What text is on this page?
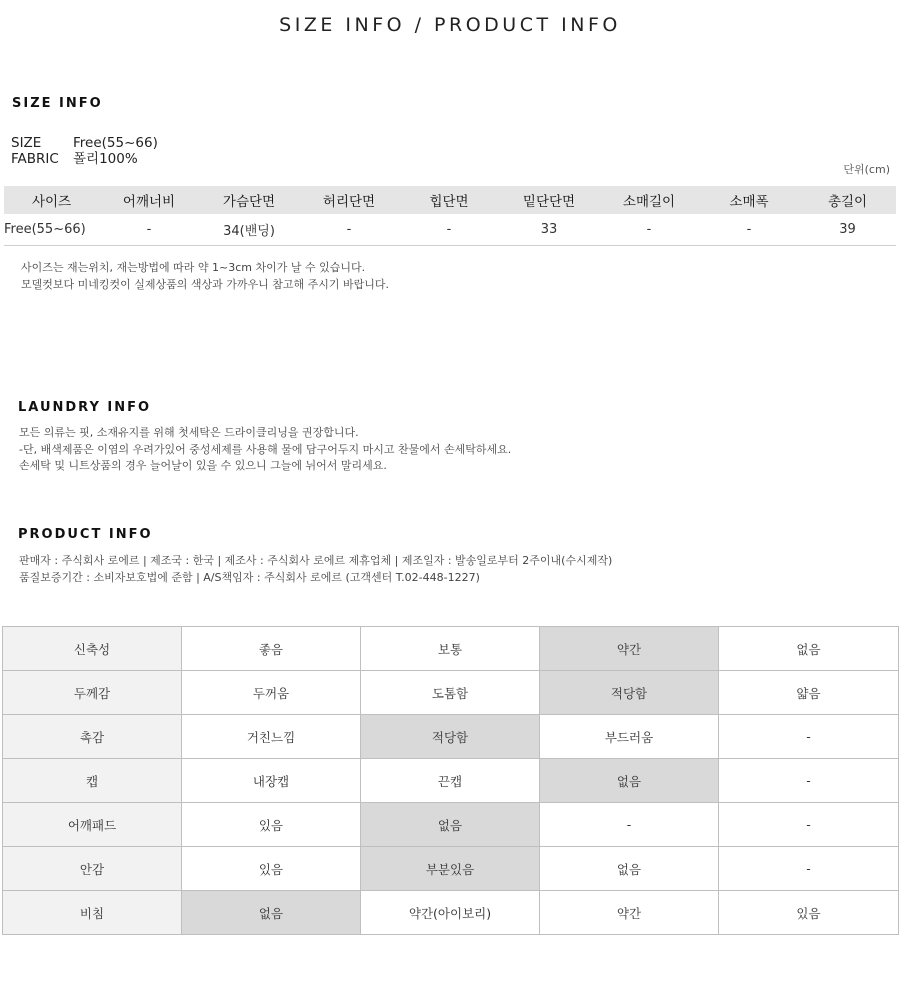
SIZE INFO / PRODUCT INFO
SIZE INFO
SIZE Free(55~66)
FABRIC 폴리100%
단위(cm)
사이즈	어깨너비	가슴단면	허리단면	힙단면	밑단단면	소매길이	소매폭	총길이
Free(55~66)	-	34(밴딩)	-	-	33	-	-	39
사이즈는 재는위치, 재는방법에 따라 약 1~3cm 차이가 날 수 있습니다.
모델컷보다 미네킹컷이 실제상품의 색상과 가까우니 참고해 주시기 바랍니다.
LAUNDRY INFO
모든 의류는 핏, 소재유지를 위해 첫세탁은 드라이클리닝을 권장합니다.
-단, 배색제품은 이염의 우려가있어 중성세제를 사용해 물에 담구어두지 마시고 찬물에서 손세탁하세요.
손세탁 및 니트상품의 경우 늘어날이 있을 수 있으니 그늘에 뉘어서 말리세요.
PRODUCT INFO
판매자 : 주식회사 로에르 | 제조국 : 한국 | 제조사 : 주식회사 로에르 제휴업체 | 제조일자 : 발송일로부터 2주이내(수시제작)
품질보증기간 : 소비자보호법에 준함 | A/S책임자 : 주식회사 로에르 (고객센터 T.02-448-1227)
신축성	좋음	보통	약간	없음
두께감	두꺼움	도톰함	적당함	얇음
촉감	거친느낌	적당함	부드러움	-
캡	내장캡	끈캡	없음	-
어깨패드	있음	없음	-	-
안감	있음	부분있음	없음	-
비침	없음	약간(아이보리)	약간	있음
